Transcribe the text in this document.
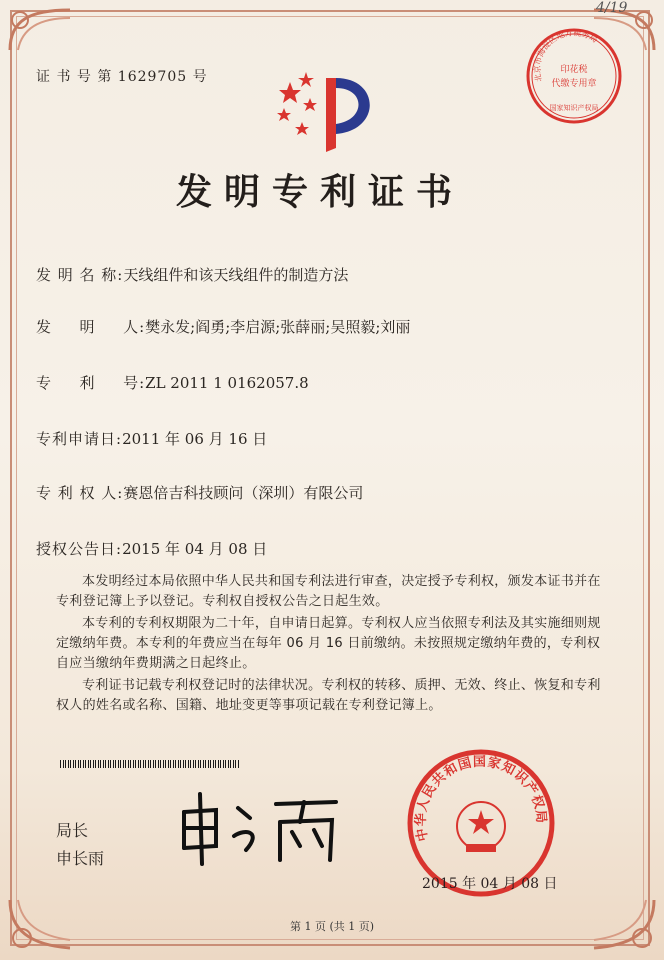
4/19
证 书 号 第 1629705 号	北京市海淀区地方税务局
印花税
代缴专用章
国家知识产权局
发明专利证书
发 明 名 称:天线组件和该天线组件的制造方法
发 　 明 　 人:樊永发;阎勇;李启源;张薛丽;吴照毅;刘丽
专 　 利 　 号:ZL 2011 1 0162057.8
专利申请日:2011 年 06 月 16 日
专 利 权 人:赛恩倍吉科技顾问（深圳）有限公司
授权公告日:2015 年 04 月 08 日
本发明经过本局依照中华人民共和国专利法进行审查，决定授予专利权，颁发本证书并在专利登记簿上予以登记。专利权自授权公告之日起生效。
本专利的专利权期限为二十年，自申请日起算。专利权人应当依照专利法及其实施细则规定缴纳年费。本专利的年费应当在每年 06 月 16 日前缴纳。未按照规定缴纳年费的，专利权自应当缴纳年费期满之日起终止。
专利证书记载专利权登记时的法律状况。专利权的转移、质押、无效、终止、恢复和专利权人的姓名或名称、国籍、地址变更等事项记载在专利登记簿上。
局长
申长雨
中华人民共和国国家知识产权局
2015 年 04 月 08 日
第 1 页 (共 1 页)
